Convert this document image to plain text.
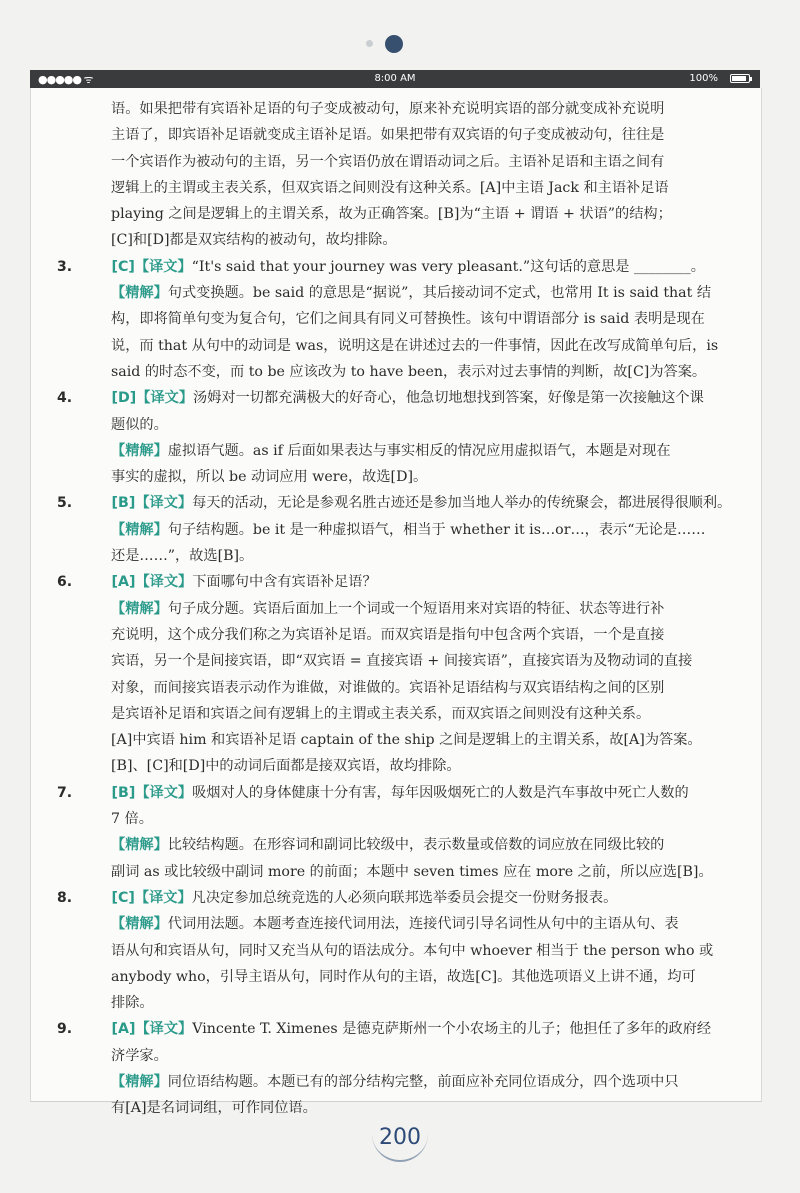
●●●●● ᯤ	8:00 AM	100%
语。如果把带有宾语补足语的句子变成被动句，原来补充说明宾语的部分就变成补充说明
主语了，即宾语补足语就变成主语补足语。如果把带有双宾语的句子变成被动句，往往是
一个宾语作为被动句的主语，另一个宾语仍放在谓语动词之后。主语补足语和主语之间有
逻辑上的主谓或主表关系，但双宾语之间则没有这种关系。[A]中主语 Jack 和主语补足语
playing 之间是逻辑上的主谓关系，故为正确答案。[B]为“主语 + 谓语 + 状语”的结构；
[C]和[D]都是双宾结构的被动句，故均排除。
3.	[C]【译文】“It's said that your journey was very pleasant.”这句话的意思是 ________。
【精解】句式变换题。be said 的意思是“据说”，其后接动词不定式，也常用 It is said that 结
构，即将简单句变为复合句，它们之间具有同义可替换性。该句中谓语部分 is said 表明是现在
说，而 that 从句中的动词是 was，说明这是在讲述过去的一件事情，因此在改写成简单句后，is
said 的时态不变，而 to be 应该改为 to have been，表示对过去事情的判断，故[C]为答案。
4.	[D]【译文】汤姆对一切都充满极大的好奇心，他急切地想找到答案，好像是第一次接触这个课
题似的。
【精解】虚拟语气题。as if 后面如果表达与事实相反的情况应用虚拟语气，本题是对现在
事实的虚拟，所以 be 动词应用 were，故选[D]。
5.	[B]【译文】每天的活动，无论是参观名胜古迹还是参加当地人举办的传统聚会，都进展得很顺利。
【精解】句子结构题。be it 是一种虚拟语气，相当于 whether it is…or…，表示“无论是……
还是……”，故选[B]。
6.	[A]【译文】下面哪句中含有宾语补足语？
【精解】句子成分题。宾语后面加上一个词或一个短语用来对宾语的特征、状态等进行补
充说明，这个成分我们称之为宾语补足语。而双宾语是指句中包含两个宾语，一个是直接
宾语，另一个是间接宾语，即“双宾语 = 直接宾语 + 间接宾语”，直接宾语为及物动词的直接
对象，而间接宾语表示动作为谁做，对谁做的。宾语补足语结构与双宾语结构之间的区别
是宾语补足语和宾语之间有逻辑上的主谓或主表关系，而双宾语之间则没有这种关系。
[A]中宾语 him 和宾语补足语 captain of the ship 之间是逻辑上的主谓关系，故[A]为答案。
[B]、[C]和[D]中的动词后面都是接双宾语，故均排除。
7.	[B]【译文】吸烟对人的身体健康十分有害，每年因吸烟死亡的人数是汽车事故中死亡人数的
7 倍。
【精解】比较结构题。在形容词和副词比较级中，表示数量或倍数的词应放在同级比较的
副词 as 或比较级中副词 more 的前面；本题中 seven times 应在 more 之前，所以应选[B]。
8.	[C]【译文】凡决定参加总统竞选的人必须向联邦选举委员会提交一份财务报表。
【精解】代词用法题。本题考查连接代词用法，连接代词引导名词性从句中的主语从句、表
语从句和宾语从句，同时又充当从句的语法成分。本句中 whoever 相当于 the person who 或
anybody who，引导主语从句，同时作从句的主语，故选[C]。其他选项语义上讲不通，均可
排除。
9.	[A]【译文】Vincente T. Ximenes 是德克萨斯州一个小农场主的儿子；他担任了多年的政府经
济学家。
【精解】同位语结构题。本题已有的部分结构完整，前面应补充同位语成分，四个选项中只
有[A]是名词词组，可作同位语。
200
